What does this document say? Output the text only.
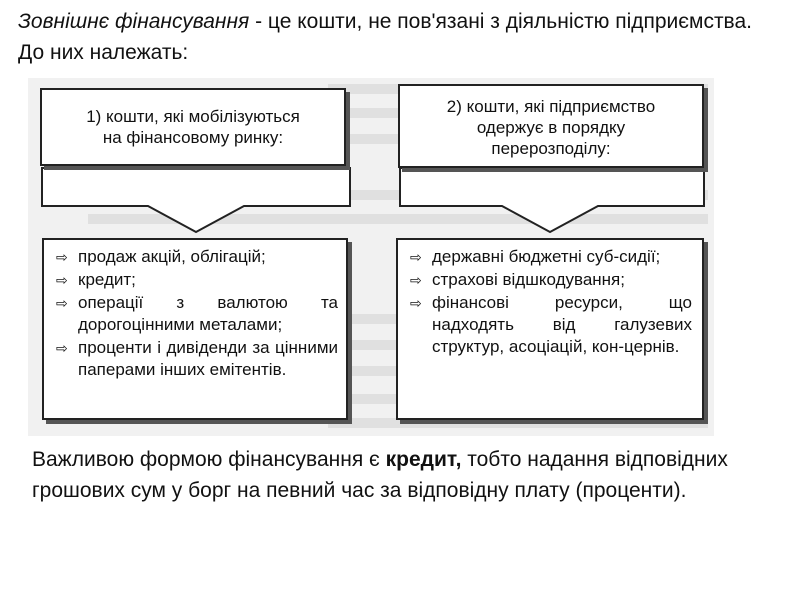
Зовнішнє фінансування - це кошти, не пов'язані з діяльністю підприємства. До них належать:
1) кошти, які мобілізуються
на фінансовому ринку:
2) кошти, які підприємство
одержує в порядку
перерозподілу:
⇨ продаж акцій, облігацій;
⇨ кредит;
⇨ операції з валютою та дорогоцінними металами;
⇨ проценти і дивіденди за цінними паперами інших емітентів.
⇨ державні бюджетні суб-сидії;
⇨ страхові відшкодування;
⇨ фінансові ресурси, що надходять від галузевих структур, асоціацій, кон-цернів.
Важливою формою фінансування є кредит, тобто надання відповідних грошових сум у борг на певний час за відповідну плату (проценти).
